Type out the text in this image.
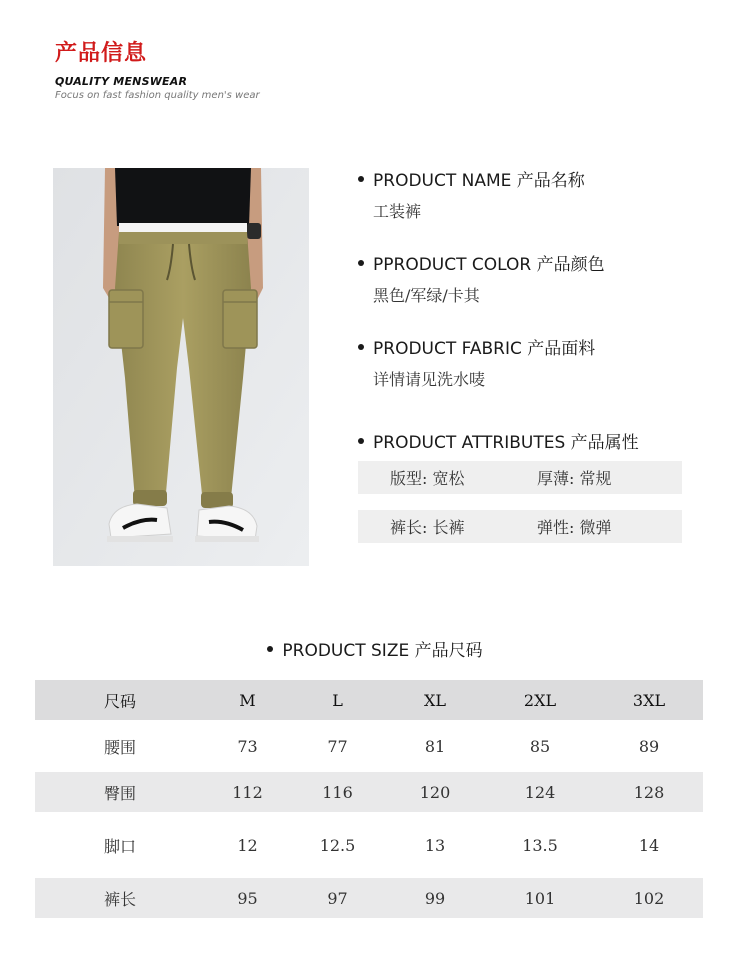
产品信息
QUALITY MENSWEAR
Focus on fast fashion quality men's wear
PRODUCT NAME 产品名称
工装裤
PPRODUCT COLOR 产品颜色
黑色/军绿/卡其
PRODUCT FABRIC 产品面料
详情请见洗水唛
PRODUCT ATTRIBUTES 产品属性
版型: 宽松	厚薄: 常规
裤长: 长裤	弹性: 微弹
PRODUCT SIZE 产品尺码
尺码	M	L	XL	2XL	3XL
腰围	73	77	81	85	89
臀围	112	116	120	124	128
脚口	12	12.5	13	13.5	14
裤长	95	97	99	101	102
